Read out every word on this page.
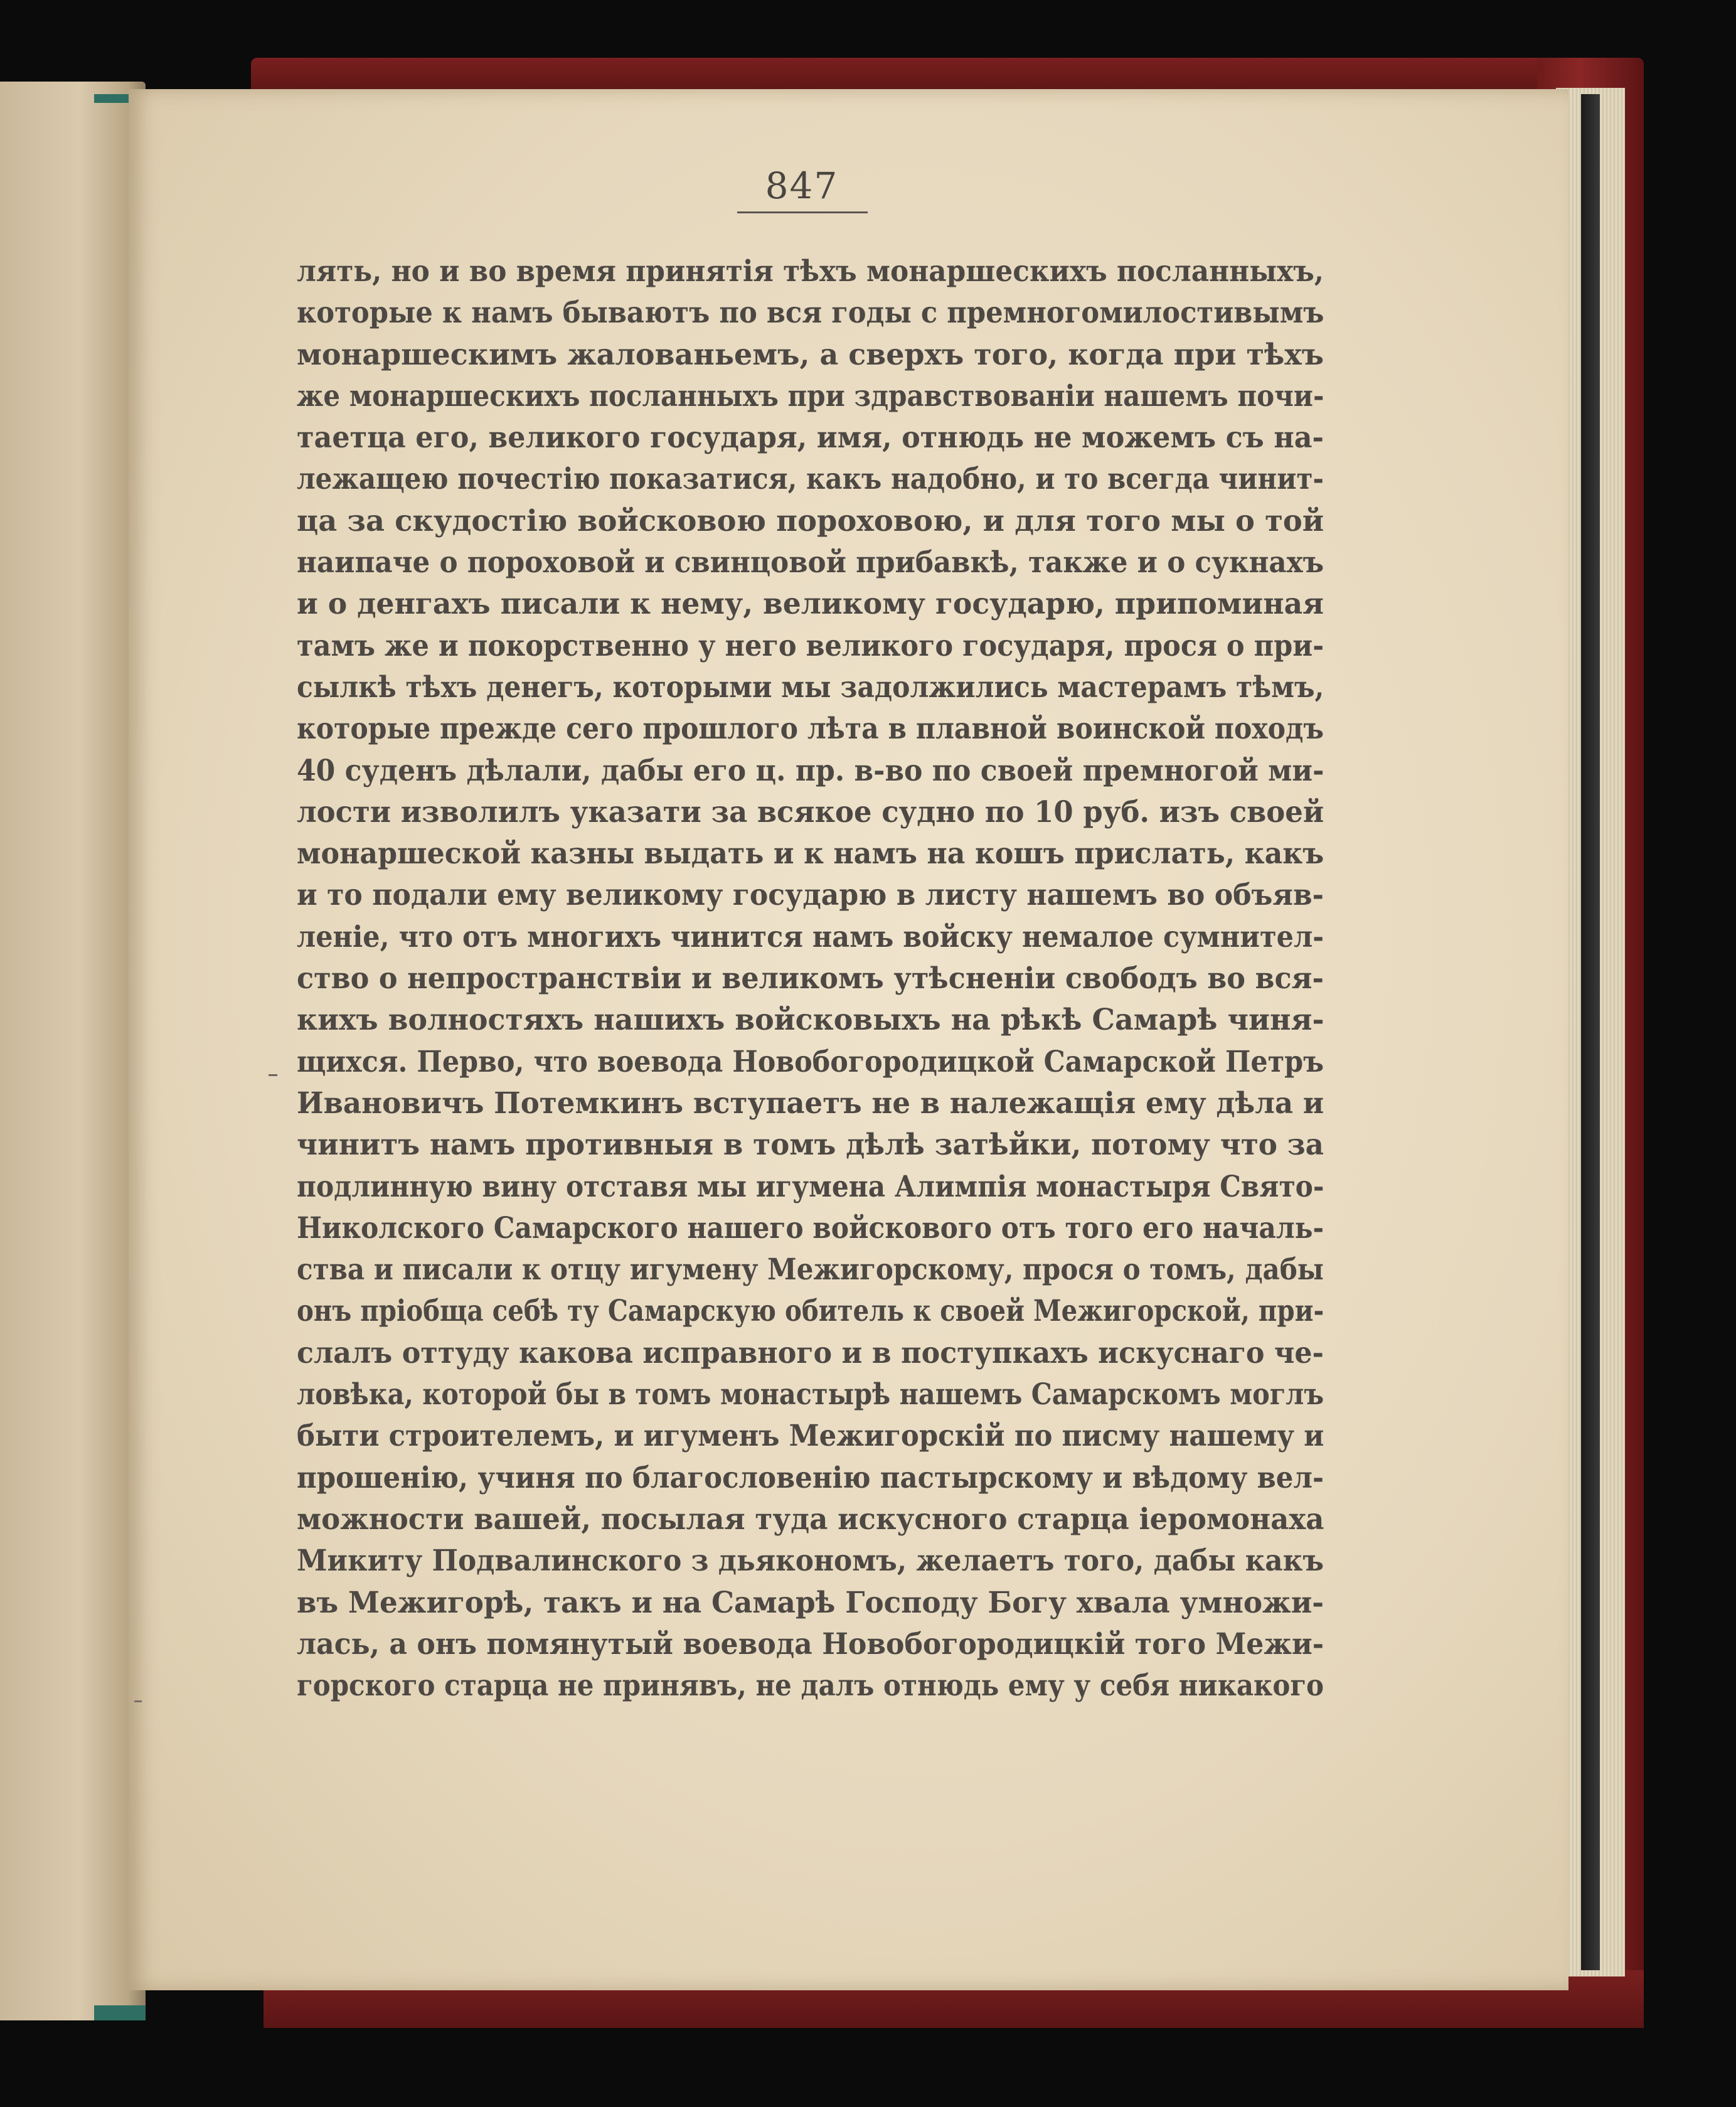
847
лять, но и во время принятія тѣхъ монаршескихъ посланныхъ,
которые к намъ бываютъ по вся годы с премногомилостивымъ
монаршескимъ жалованьемъ, а сверхъ того, когда при тѣхъ
же монаршескихъ посланныхъ при здравствованіи нашемъ почи-
таетца его, великого государя, имя, отнюдь не можемъ съ на-
лежащею почестію показатися, какъ надобно, и то всегда чинит-
ца за скудостію войсковою пороховою, и для того мы о той
наипаче о пороховой и свинцовой прибавкѣ, также и о сукнахъ
и о денгахъ писали к нему, великому государю, припоминая
тамъ же и покорственно у него великого государя, прося о при-
сылкѣ тѣхъ денегъ, которыми мы задолжились мастерамъ тѣмъ,
которые прежде сего прошлого лѣта в плавной воинской походъ
40 суденъ дѣлали, дабы его ц. пр. в-во по своей премногой ми-
лости изволилъ указати за всякое судно по 10 руб. изъ своей
монаршеской казны выдать и к намъ на кошъ прислать, какъ
и то подали ему великому государю в листу нашемъ во объяв-
леніе, что отъ многихъ чинится намъ войску немалое сумнител-
ство о непространствіи и великомъ утѣсненіи свободъ во вся-
кихъ волностяхъ нашихъ войсковыхъ на рѣкѣ Самарѣ чиня-
щихся. Перво, что воевода Новобогородицкой Самарской Петръ
Ивановичъ Потемкинъ вступаетъ не в належащія ему дѣла и
чинитъ намъ противныя в томъ дѣлѣ затѣйки, потому что за
подлинную вину отставя мы игумена Алимпія монастыря Свято-
Николского Самарского нашего войскового отъ того его началь-
ства и писали к отцу игумену Межигорскому, прося о томъ, дабы
онъ пріобща себѣ ту Самарскую обитель к своей Межигорской, при-
слалъ оттуду какова исправного и в поступкахъ искуснаго че-
ловѣка, которой бы в томъ монастырѣ нашемъ Самарскомъ моглъ
быти строителемъ, и игуменъ Межигорскій по писму нашему и
прошенію, учиня по благословенію пастырскому и вѣдому вел-
можности вашей, посылая туда искусного старца іеромонаха
Микиту Подвалинского з дьякономъ, желаетъ того, дабы какъ
въ Межигорѣ, такъ и на Самарѣ Господу Богу хвала умножи-
лась, а онъ помянутый воевода Новобогородицкій того Межи-
горского старца не принявъ, не далъ отнюдь ему у себя никакого
